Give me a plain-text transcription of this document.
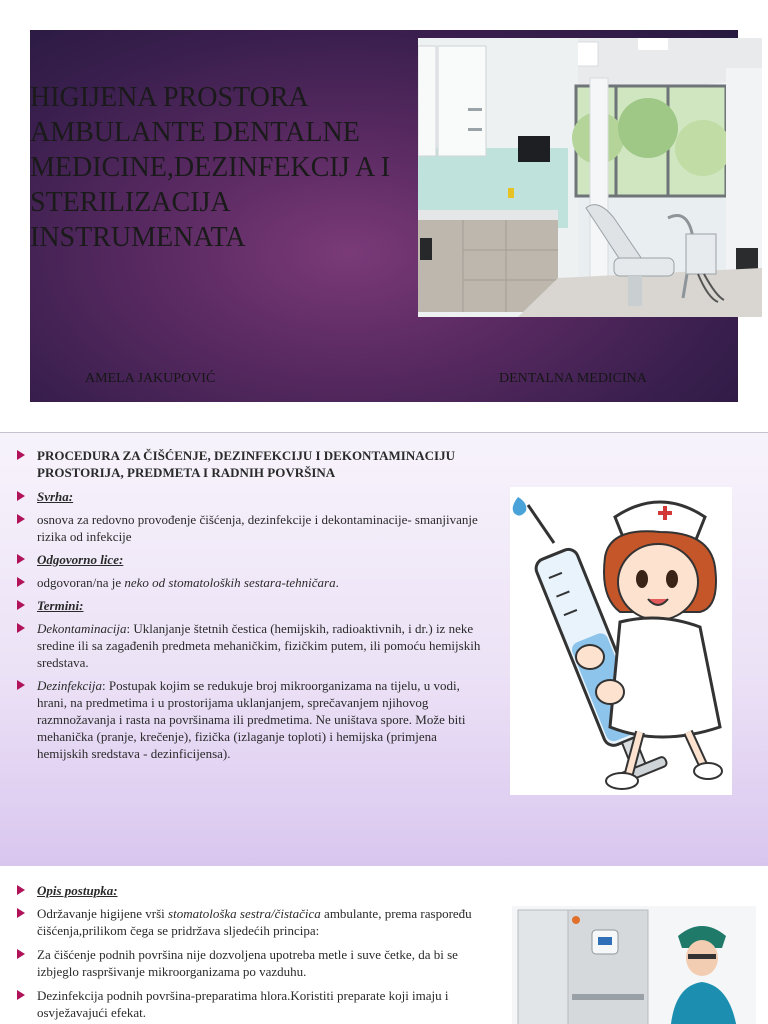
HIGIJENA PROSTORA AMBULANTE DENTALNE MEDICINE,DEZINFEKCIJ A I STERILIZACIJA INSTRUMENATA
AMELA JAKUPOVIĆ	DENTALNA MEDICINA
PROCEDURA ZA ČIŠĆENJE, DEZINFEKCIJU I DEKONTAMINACIJU PROSTORIJA, PREDMETA I RADNIH POVRŠINA
Svrha:
osnova za redovno provođenje čišćenja, dezinfekcije i dekontaminacije- smanjivanje rizika od infekcije
Odgovorno lice:
odgovoran/na je neko od stomatoloških sestara-tehničara.
Termini:
Dekontaminacija: Uklanjanje štetnih čestica (hemijskih, radioaktivnih, i dr.) iz neke sredine ili sa zagađenih predmeta mehaničkim, fizičkim putem, ili pomoću hemijskih sredstava.
Dezinfekcija: Postupak kojim se redukuje broj mikroorganizama na tijelu, u vodi, hrani, na predmetima i u prostorijama uklanjanjem, sprečavanjem njihovog razmnožavanja i rasta na površinama ili predmetima. Ne uništava spore. Može biti mehanička (pranje, krečenje), fizička (izlaganje toploti) i hemijska (primjena hemijskih sredstava - dezinficijensa).
Opis postupka:
Održavanje higijene vrši stomatološka sestra/čistačica ambulante, prema raspoređu čišćenja,prilikom čega se pridržava sljedećih principa:
Za čišćenje podnih površina nije dozvoljena upotreba metle i suve četke, da bi se izbjeglo raspršivanje mikroorganizama po vazduhu.
Dezinfekcija podnih površina-preparatima hlora.Koristiti preparate koji imaju i osvježavajući efekat.
